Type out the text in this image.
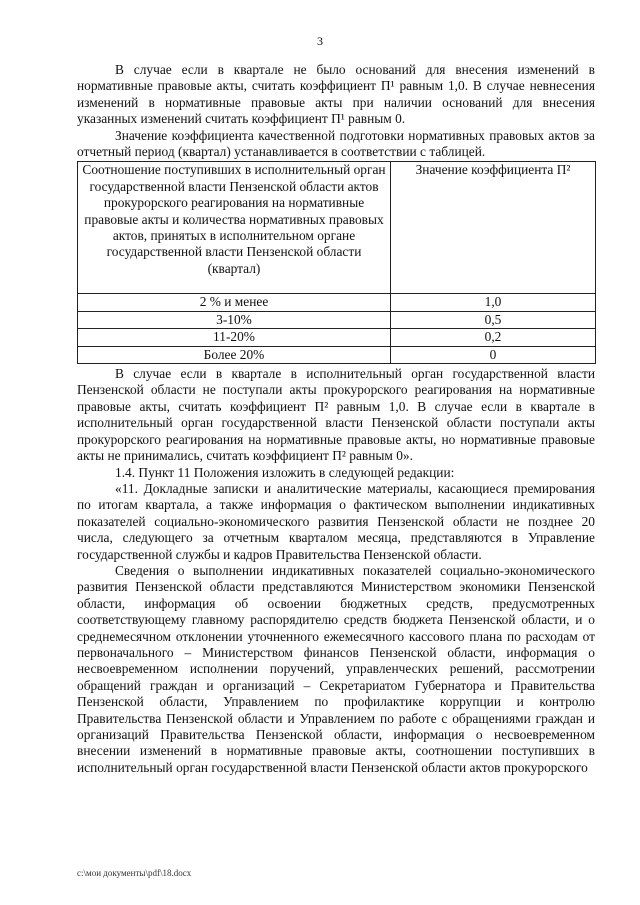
3

В случае если в квартале не было оснований для внесения изменений в нормативные правовые акты, считать коэффициент П¹ равным 1,0. В случае невнесения изменений в нормативные правовые акты при наличии оснований для внесения указанных изменений считать коэффициент П¹ равным 0.

Значение коэффициента качественной подготовки нормативных правовых актов за отчетный период (квартал) устанавливается в соответствии с таблицей.

Соотношение поступивших в исполнительный орган государственной власти Пензенской области актов прокурорского реагирования на нормативные правовые акты и количества нормативных правовых актов, принятых в исполнительном органе государственной власти Пензенской области (квартал)	Значение коэффициента П²
2 % и менее	1,0
3-10%	0,5
11-20%	0,2
Более 20%	0

В случае если в квартале в исполнительный орган государственной власти Пензенской области не поступали акты прокурорского реагирования на нормативные правовые акты, считать коэффициент П² равным 1,0. В случае если в квартале в исполнительный орган государственной власти Пензенской области поступали акты прокурорского реагирования на нормативные правовые акты, но нормативные правовые акты не принимались, считать коэффициент П² равным 0».

1.4. Пункт 11 Положения изложить в следующей редакции:

«11. Докладные записки и аналитические материалы, касающиеся премирования по итогам квартала, а также информация о фактическом выполнении индикативных показателей социально-экономического развития Пензенской области не позднее 20 числа, следующего за отчетным кварталом месяца, представляются в Управление государственной службы и кадров Правительства Пензенской области.

Сведения о выполнении индикативных показателей социально-экономического развития Пензенской области представляются Министерством экономики Пензенской области, информация об освоении бюджетных средств, предусмотренных соответствующему главному распорядителю средств бюджета Пензенской области, и о среднемесячном отклонении уточненного ежемесячного кассового плана по расходам от первоначального – Министерством финансов Пензенской области, информация о несвоевременном исполнении поручений, управленческих решений, рассмотрении обращений граждан и организаций – Секретариатом Губернатора и Правительства Пензенской области, Управлением по профилактике коррупции и контролю Правительства Пензенской области и Управлением по работе с обращениями граждан и организаций Правительства Пензенской области, информация о несвоевременном внесении изменений в нормативные правовые акты, соотношении поступивших в исполнительный орган государственной власти Пензенской области актов прокурорского

c:\мои документы\pdf\18.docx
